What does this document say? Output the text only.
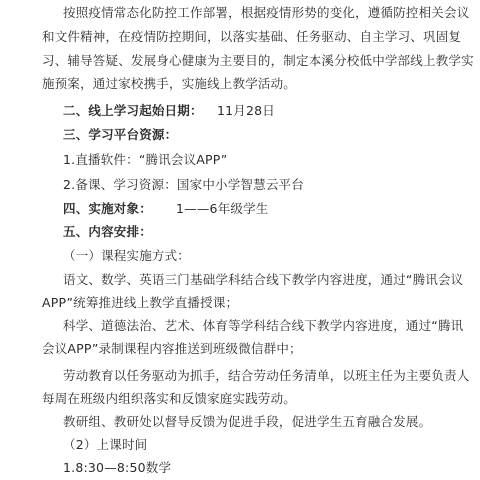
按照疫情常态化防控工作部署，根据疫情形势的变化，遵循防控相关会议
和文件精神，在疫情防控期间，以落实基础、任务驱动、自主学习、巩固复
习、辅导答疑、发展身心健康为主要目的，制定本溪分校低中学部线上教学实
施预案，通过家校携手，实施线上教学活动。
二、线上学习起始日期：	11月28日
三、学习平台资源：
1.直播软件：“腾讯会议APP”
2.备课、学习资源：国家中小学智慧云平台
四、实施对象：	1——6年级学生
五、内容安排：
（一）课程实施方式：
语文、数学、英语三门基础学科结合线下教学内容进度，通过“腾讯会议
APP”统筹推进线上教学直播授课；
科学、道德法治、艺术、体育等学科结合线下教学内容进度，通过“腾讯
会议APP”录制课程内容推送到班级微信群中；
劳动教育以任务驱动为抓手，结合劳动任务清单，以班主任为主要负责人
每周在班级内组织落实和反馈家庭实践劳动。
教研组、教研处以督导反馈为促进手段，促进学生五育融合发展。
（2）上课时间
1.8:30—8:50数学
